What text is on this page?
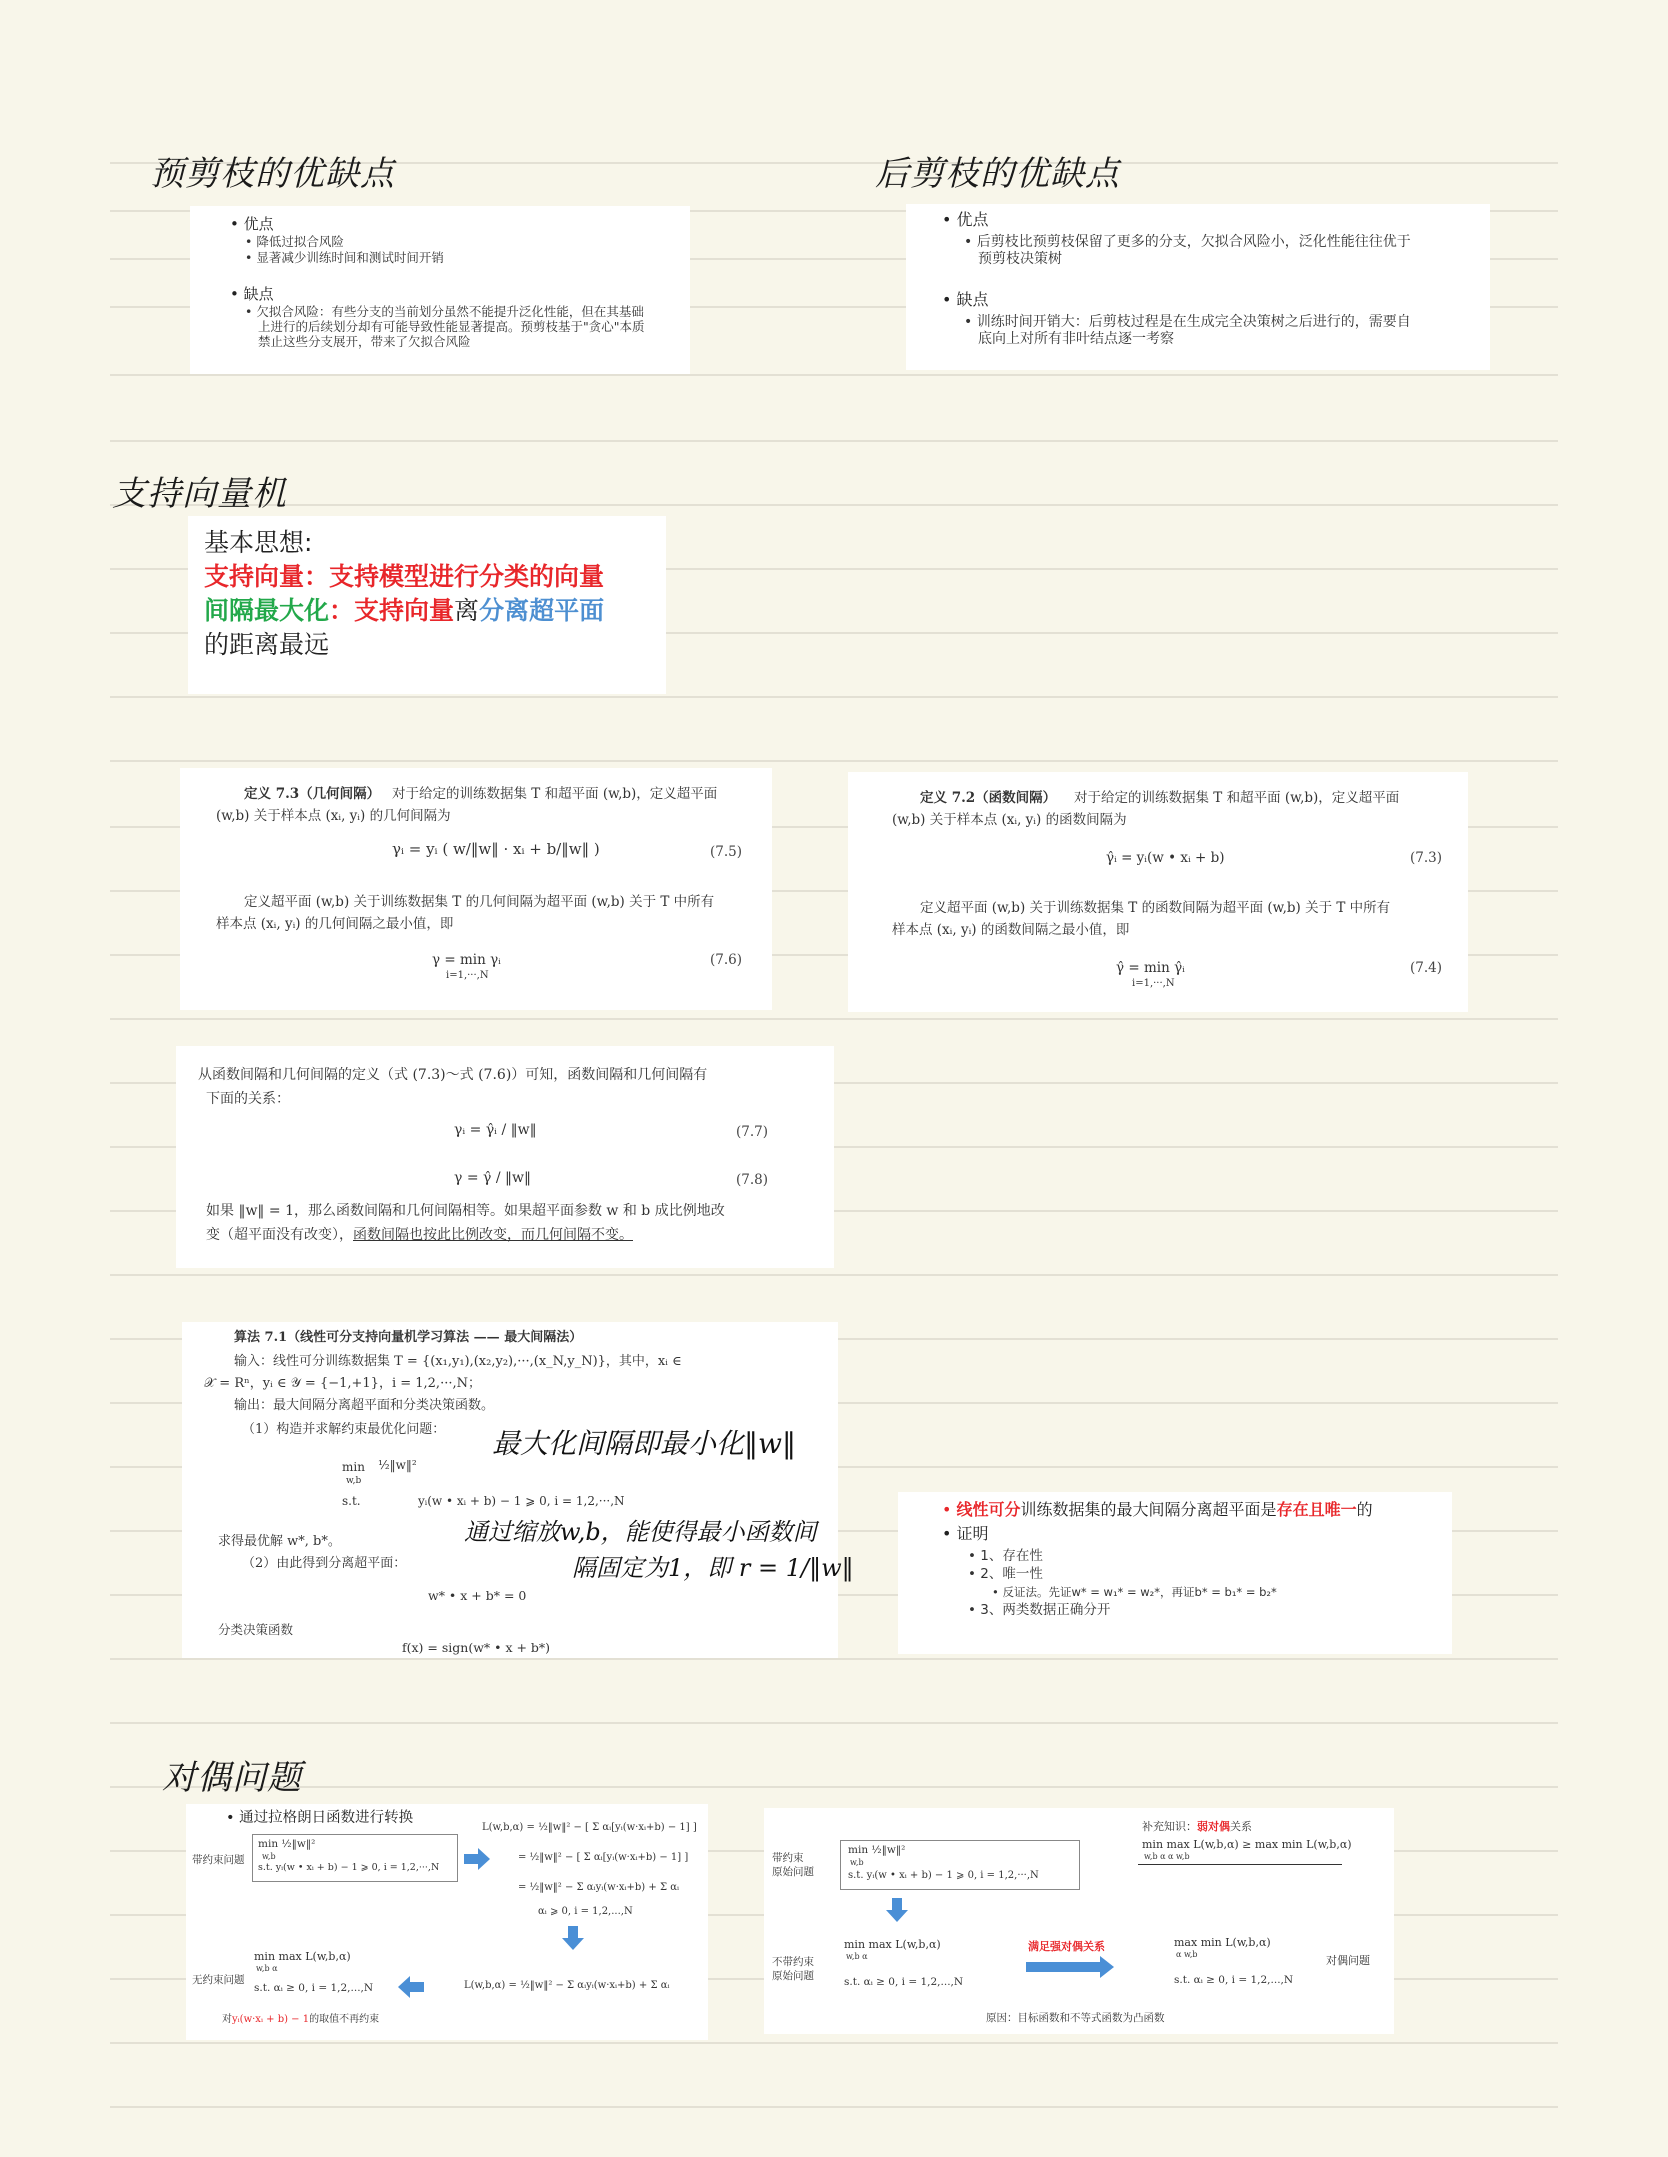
预剪枝的优缺点	后剪枝的优缺点
支持向量机
对偶问题
• 优点
• 降低过拟合风险
• 显著减少训练时间和测试时间开销
• 缺点
• 欠拟合风险：有些分支的当前划分虽然不能提升泛化性能，但在其基础
上进行的后续划分却有可能导致性能显著提高。预剪枝基于"贪心"本质
禁止这些分支展开，带来了欠拟合风险
• 优点
• 后剪枝比预剪枝保留了更多的分支，欠拟合风险小，泛化性能往往优于
预剪枝决策树
• 缺点
• 训练时间开销大：后剪枝过程是在生成完全决策树之后进行的，需要自
底向上对所有非叶结点逐一考察
基本思想:
支持向量：支持模型进行分类的向量
间隔最大化：支持向量离分离超平面
的距离最远
定义 7.3（几何间隔） 对于给定的训练数据集 T 和超平面 (w,b)，定义超平面
(w,b) 关于样本点 (xᵢ, yᵢ) 的几何间隔为
γᵢ = yᵢ ( w/‖w‖ · xᵢ + b/‖w‖ )	(7.5)
定义超平面 (w,b) 关于训练数据集 T 的几何间隔为超平面 (w,b) 关于 T 中所有
样本点 (xᵢ, yᵢ) 的几何间隔之最小值，即
γ = min γᵢ
i=1,···,N
(7.6)
定义 7.2（函数间隔） 对于给定的训练数据集 T 和超平面 (w,b)，定义超平面
(w,b) 关于样本点 (xᵢ, yᵢ) 的函数间隔为
γ̂ᵢ = yᵢ(w • xᵢ + b)	(7.3)
定义超平面 (w,b) 关于训练数据集 T 的函数间隔为超平面 (w,b) 关于 T 中所有
样本点 (xᵢ, yᵢ) 的函数间隔之最小值，即
γ̂ = min γ̂ᵢ
i=1,···,N
(7.4)
从函数间隔和几何间隔的定义（式 (7.3)～式 (7.6)）可知，函数间隔和几何间隔有
下面的关系：
γᵢ = γ̂ᵢ / ‖w‖	(7.7)
γ = γ̂ / ‖w‖	(7.8)
如果 ‖w‖ = 1，那么函数间隔和几何间隔相等。如果超平面参数 w 和 b 成比例地改
变（超平面没有改变），函数间隔也按此比例改变，而几何间隔不变。
算法 7.1（线性可分支持向量机学习算法 —— 最大间隔法）
输入：线性可分训练数据集 T = {(x₁,y₁),(x₂,y₂),···,(x_N,y_N)}，其中，xᵢ ∈
𝒳 = Rⁿ，yᵢ ∈ 𝒴 = {−1,+1}，i = 1,2,···,N；
输出：最大间隔分离超平面和分类决策函数。
（1）构造并求解约束最优化问题：
min
w,b
½‖w‖²
s.t.	yᵢ(w • xᵢ + b) − 1 ⩾ 0, i = 1,2,···,N
求得最优解 w*, b*。
（2）由此得到分离超平面：
w* • x + b* = 0
分类决策函数
f(x) = sign(w* • x + b*)
最大化间隔即最小化‖w‖
通过缩放w,b，能使得最小函数间
隔固定为1，即 r = 1/‖w‖
• 线性可分训练数据集的最大间隔分离超平面是存在且唯一的
• 证明
• 1、存在性
• 2、唯一性
• 反证法。先证w* = w₁* = w₂*，再证b* = b₁* = b₂*
• 3、两类数据正确分开
• 通过拉格朗日函数进行转换
带约束问题
min ½‖w‖²
w,b
s.t. yᵢ(w • xᵢ + b) − 1 ⩾ 0, i = 1,2,···,N
L(w,b,α) = ½‖w‖² − [ Σ αᵢ[yᵢ(w·xᵢ+b) − 1] ]
= ½‖w‖² − [ Σ αᵢ[yᵢ(w·xᵢ+b) − 1] ]
= ½‖w‖² − Σ αᵢyᵢ(w·xᵢ+b) + Σ αᵢ
αᵢ ⩾ 0, i = 1,2,...,N
L(w,b,α) = ½‖w‖² − Σ αᵢyᵢ(w·xᵢ+b) + Σ αᵢ
无约束问题
min max L(w,b,α)
w,b α
s.t. αᵢ ≥ 0, i = 1,2,...,N
对yᵢ(w·xᵢ + b) − 1的取值不再约束
补充知识：弱对偶关系
min max L(w,b,α) ≥ max min L(w,b,α)
w,b α α w,b
带约束
原始问题
min ½‖w‖²
w,b
s.t. yᵢ(w • xᵢ + b) − 1 ⩾ 0, i = 1,2,···,N
不带约束
原始问题
min max L(w,b,α)
w,b α
s.t. αᵢ ≥ 0, i = 1,2,...,N
满足强对偶关系	max min L(w,b,α)
α w,b
s.t. αᵢ ≥ 0, i = 1,2,...,N
对偶问题
原因：目标函数和不等式函数为凸函数
